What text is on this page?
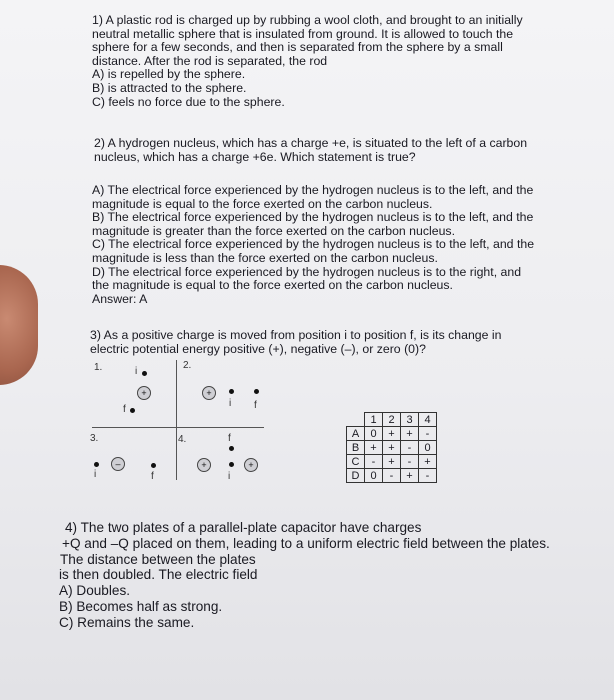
1) A plastic rod is charged up by rubbing a wool cloth, and brought to an initially
neutral metallic sphere that is insulated from ground. It is allowed to touch the
sphere for a few seconds, and then is separated from the sphere by a small
distance. After the rod is separated, the rod
A) is repelled by the sphere.
B) is attracted to the sphere.
C) feels no force due to the sphere.
2) A hydrogen nucleus, which has a charge +e, is situated to the left of a carbon
nucleus, which has a charge +6e. Which statement is true?
A) The electrical force experienced by the hydrogen nucleus is to the left, and the
magnitude is equal to the force exerted on the carbon nucleus.
B) The electrical force experienced by the hydrogen nucleus is to the left, and the
magnitude is greater than the force exerted on the carbon nucleus.
C) The electrical force experienced by the hydrogen nucleus is to the left, and the
magnitude is less than the force exerted on the carbon nucleus.
D) The electrical force experienced by the hydrogen nucleus is to the right, and
the magnitude is equal to the force exerted on the carbon nucleus.
Answer: A
3) As a positive charge is moved from position i to position f, is its change in
electric potential energy positive (+), negative (–), or zero (0)?
1.	2.
3.	4.
i
+
f
+
i f
i
–
f
f
+
i
+
	1	2	3	4
A	0	+	+	-
B	+	+	-	0
C	-	+	-	+
D	0	-	+	-
4) The two plates of a parallel-plate capacitor have charges
+Q and –Q placed on them, leading to a uniform electric field between the plates.
The distance between the plates
is then doubled. The electric field
A) Doubles.
B) Becomes half as strong.
C) Remains the same.
